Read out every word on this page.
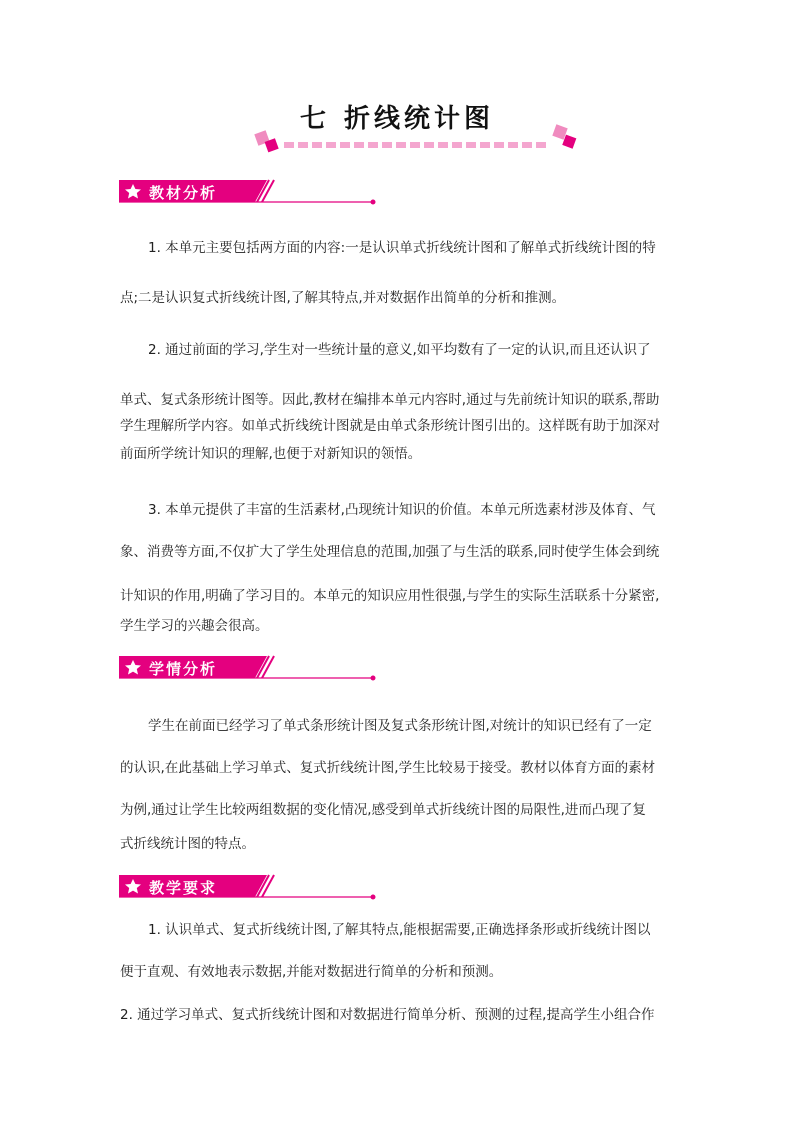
七 折线统计图
教材分析
1. 本单元主要包括两方面的内容:一是认识单式折线统计图和了解单式折线统计图的特
点;二是认识复式折线统计图,了解其特点,并对数据作出简单的分析和推测。
2. 通过前面的学习,学生对一些统计量的意义,如平均数有了一定的认识,而且还认识了
单式、复式条形统计图等。因此,教材在编排本单元内容时,通过与先前统计知识的联系,帮助
学生理解所学内容。如单式折线统计图就是由单式条形统计图引出的。这样既有助于加深对
前面所学统计知识的理解,也便于对新知识的领悟。
3. 本单元提供了丰富的生活素材,凸现统计知识的价值。本单元所选素材涉及体育、气
象、消费等方面,不仅扩大了学生处理信息的范围,加强了与生活的联系,同时使学生体会到统
计知识的作用,明确了学习目的。本单元的知识应用性很强,与学生的实际生活联系十分紧密,
学生学习的兴趣会很高。
学情分析
学生在前面已经学习了单式条形统计图及复式条形统计图,对统计的知识已经有了一定
的认识,在此基础上学习单式、复式折线统计图,学生比较易于接受。教材以体育方面的素材
为例,通过让学生比较两组数据的变化情况,感受到单式折线统计图的局限性,进而凸现了复
式折线统计图的特点。
教学要求
1. 认识单式、复式折线统计图,了解其特点,能根据需要,正确选择条形或折线统计图以
便于直观、有效地表示数据,并能对数据进行简单的分析和预测。
2. 通过学习单式、复式折线统计图和对数据进行简单分析、预测的过程,提高学生小组合作
